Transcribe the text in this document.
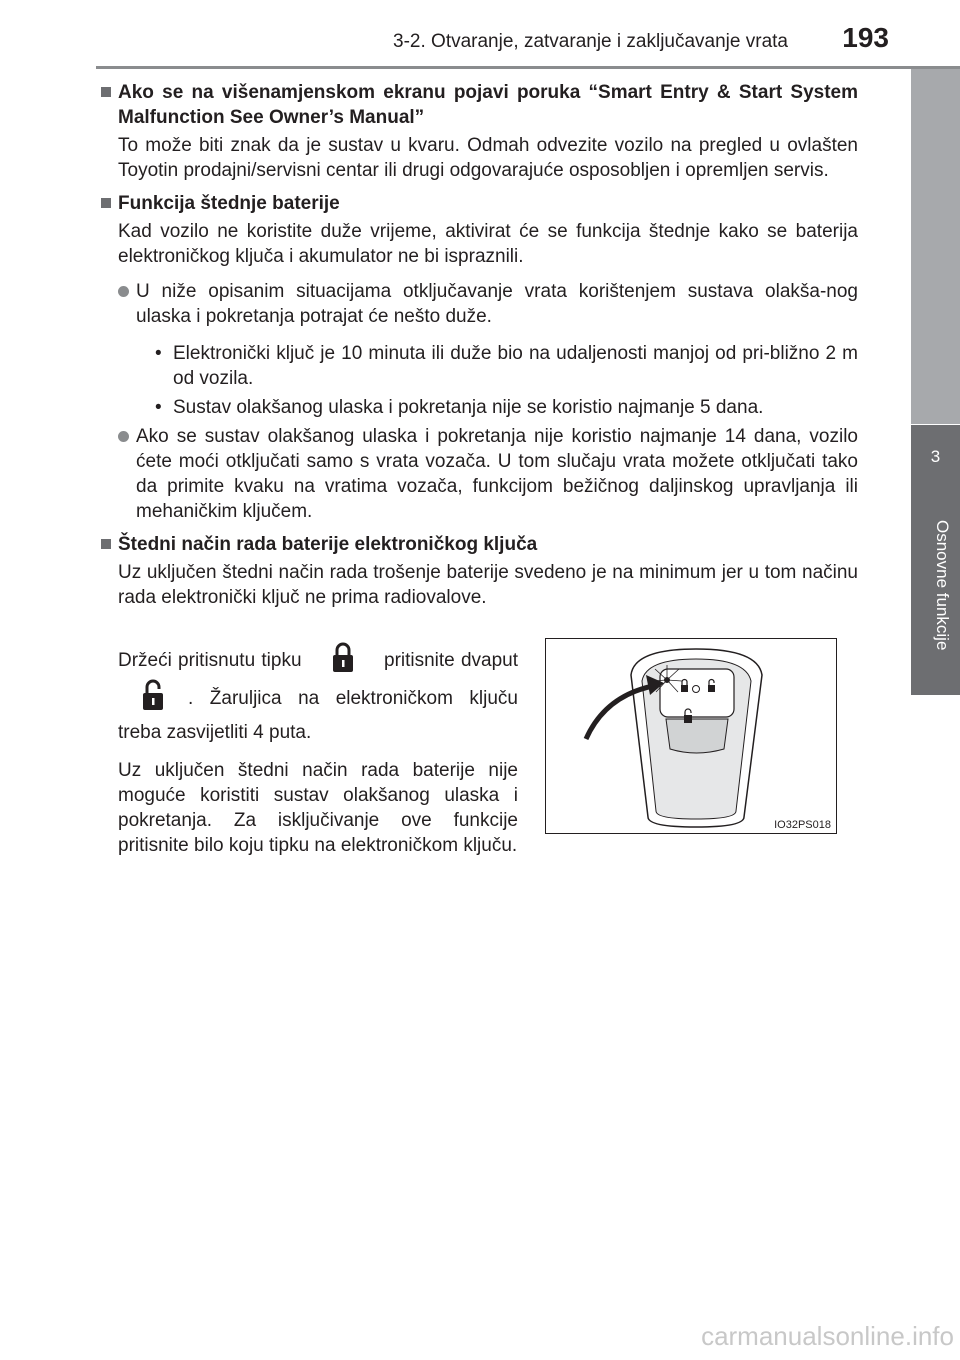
3-2. Otvaranje, zatvaranje i zaključavanje vrata 193
3
Osnovne funkcije
Ako se na višenamjenskom ekranu pojavi poruka “Smart Entry & Start System Malfunction See Owner’s Manual”

To može biti znak da je sustav u kvaru. Odmah odvezite vozilo na pregled u ovlašten Toyotin prodajni/servisni centar ili drugi odgovarajuće osposobljen i opremljen servis.

Funkcija štednje baterije

Kad vozilo ne koristite duže vrijeme, aktivirat će se funkcija štednje kako se baterija elektroničkog ključa i akumulator ne bi ispraznili.

U niže opisanim situacijama otključavanje vrata korištenjem sustava olakša-nog ulaska i pokretanja potrajat će nešto duže.
• Elektronički ključ je 10 minuta ili duže bio na udaljenosti manjoj od pri-bližno 2 m od vozila.
• Sustav olakšanog ulaska i pokretanja nije se koristio najmanje 5 dana.
Ako se sustav olakšanog ulaska i pokretanja nije koristio najmanje 14 dana, vozilo ćete moći otključati samo s vrata vozača. U tom slučaju vrata možete otključati tako da primite kvaku na vratima vozača, funkcijom bežičnog daljinskog upravljanja ili mehaničkim ključem.
Štedni način rada baterije elektroničkog ključa

Uz uključen štedni način rada trošenje baterije svedeno je na minimum jer u tom načinu rada elektronički ključ ne prima radiovalove.

Držeći pritisnutu tipku	pritisnite dvaput . Žaruljica na elektroničkom ključu treba zasvijetliti 4 puta.

Uz uključen štedni način rada baterije nije moguće koristiti sustav olakšanog ulaska i pokretanja. Za isključivanje ove funkcije pritisnite bilo koju tipku na elektroničkom ključu.

IO32PS018
carmanualsonline.info
